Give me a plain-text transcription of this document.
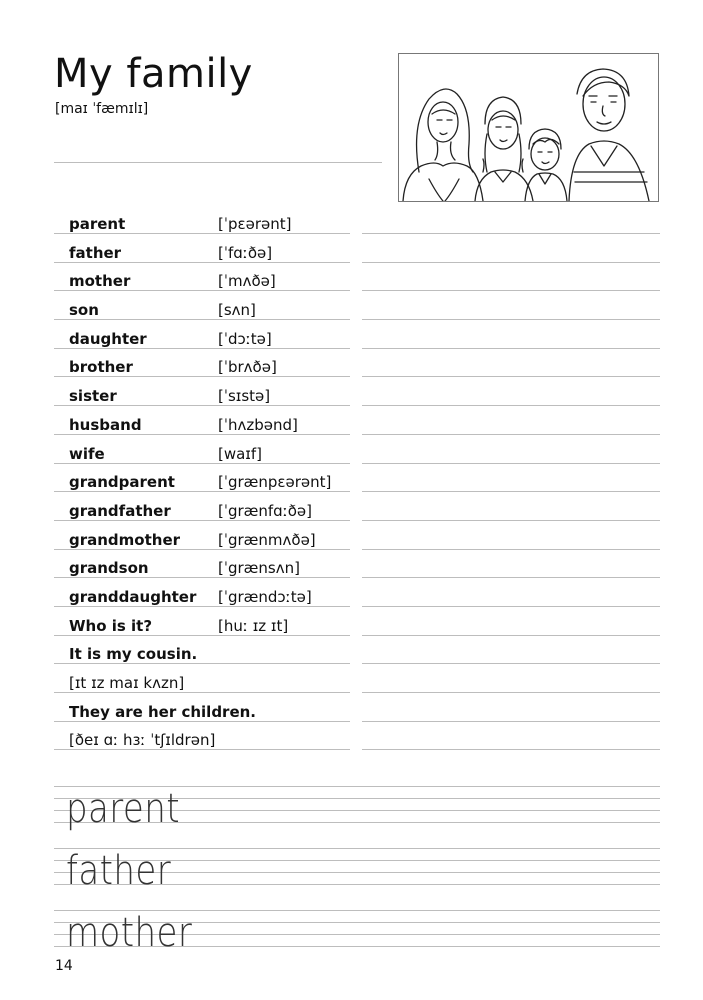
My family
[maɪ ˈfæmɪlɪ]
parent	[ˈpɛərənt]
father	[ˈfɑːðə]
mother	[ˈmʌðə]
son	[sʌn]
daughter	[ˈdɔːtə]
brother	[ˈbrʌðə]
sister	[ˈsɪstə]
husband	[ˈhʌzbənd]
wife	[waɪf]
grandparent	[ˈgrænpɛərənt]
grandfather	[ˈgrænfɑːðə]
grandmother	[ˈgrænmʌðə]
grandson	[ˈgrænsʌn]
granddaughter [ˈgrændɔːtə]
Who is it?	[huː ɪz ɪt]
It is my cousin.
[ɪt ɪz maɪ kʌzn]
They are her children.
[ðeɪ ɑː hɜː ˈtʃɪldrən]
parent
father
mother
14
